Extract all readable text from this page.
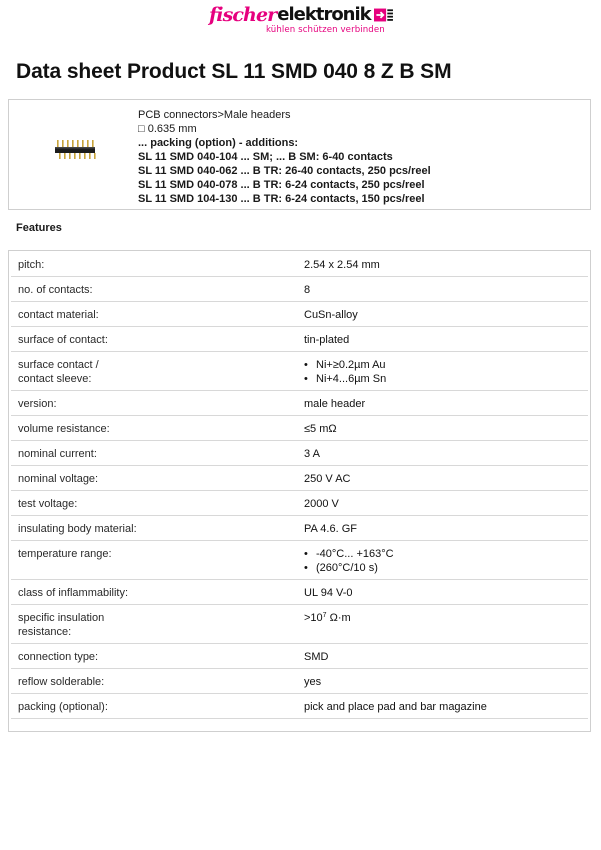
fischer elektronik
kühlen schützen verbinden
Data sheet Product SL 11 SMD 040 8 Z B SM
PCB connectors>Male headers
□ 0.635 mm
... packing (option) - additions:
SL 11 SMD 040-104 ... SM; ... B SM: 6-40 contacts
SL 11 SMD 040-062 ... B TR: 26-40 contacts, 250 pcs/reel
SL 11 SMD 040-078 ... B TR: 6-24 contacts, 250 pcs/reel
SL 11 SMD 104-130 ... B TR: 6-24 contacts, 150 pcs/reel
Features
pitch:	2.54 x 2.54 mm
no. of contacts:	8
contact material:	CuSn-alloy
surface of contact:	tin-plated
surface contact /
contact sleeve:
• Ni+≥0.2µm Au
• Ni+4...6µm Sn
version:	male header
volume resistance:	≤5 mΩ
nominal current:	3 A
nominal voltage:	250 V AC
test voltage:	2000 V
insulating body material:	PA 4.6. GF
temperature range:
•	-40°C... +163°C
• (260°C/10 s)
class of inflammability:	UL 94 V-0
specific insulation
resistance:
$>10^7$ Ω·m
connection type:	SMD
reflow solderable:	yes
packing (optional):	pick and place pad and bar magazine
